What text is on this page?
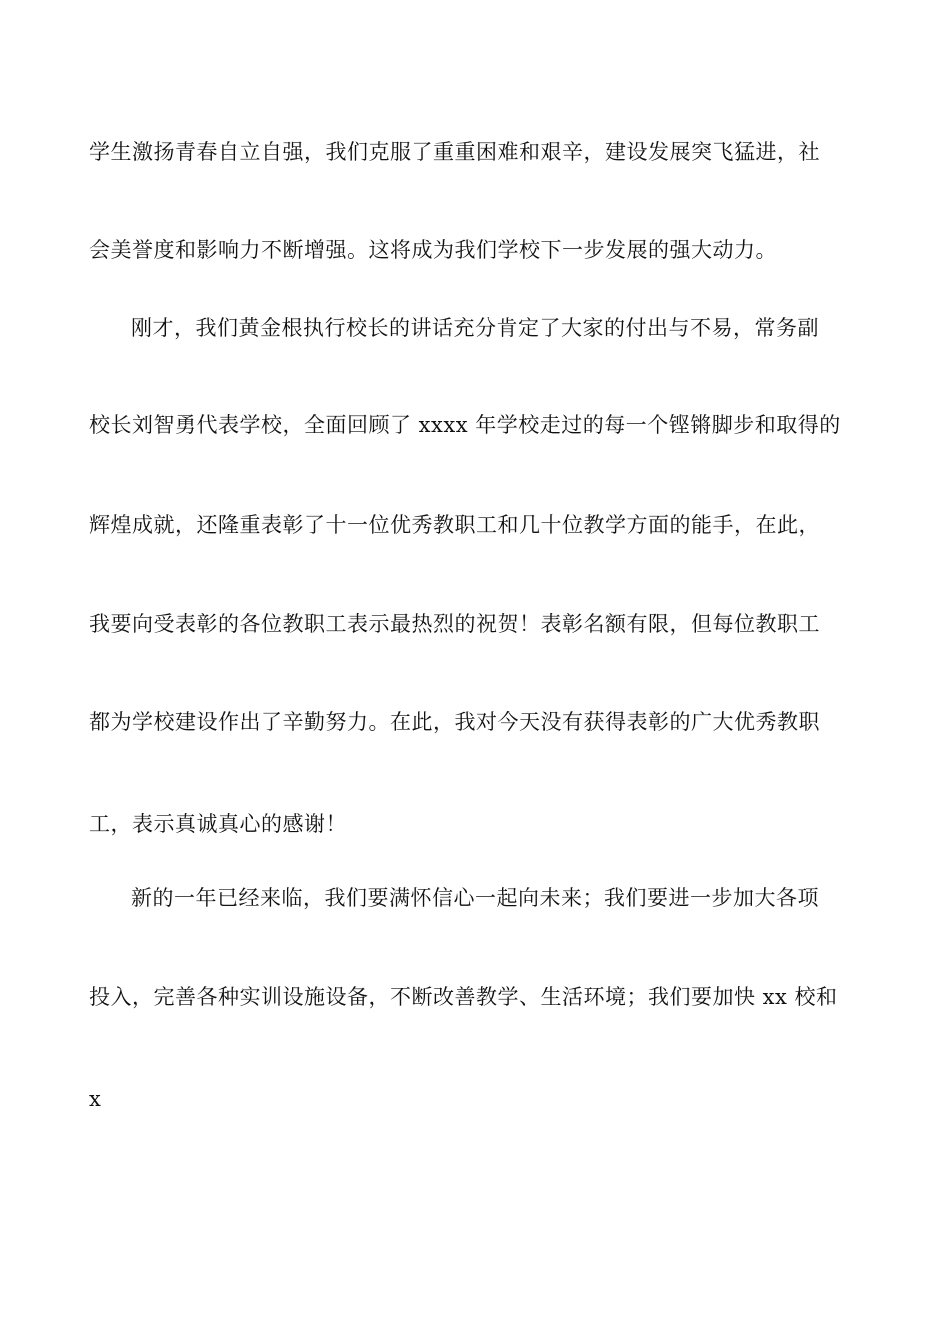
学生激扬青春自立自强，我们克服了重重困难和艰辛，建设发展突飞猛进，社
会美誉度和影响力不断增强。这将成为我们学校下一步发展的强大动力。
刚才，我们黄金根执行校长的讲话充分肯定了大家的付出与不易，常务副
校长刘智勇代表学校，全面回顾了 xxxx 年学校走过的每一个铿锵脚步和取得的
辉煌成就，还隆重表彰了十一位优秀教职工和几十位教学方面的能手，在此，
我要向受表彰的各位教职工表示最热烈的祝贺！表彰名额有限，但每位教职工
都为学校建设作出了辛勤努力。在此，我对今天没有获得表彰的广大优秀教职
工，表示真诚真心的感谢！
新的一年已经来临，我们要满怀信心一起向未来；我们要进一步加大各项
投入，完善各种实训设施设备，不断改善教学、生活环境；我们要加快 xx 校和
x
